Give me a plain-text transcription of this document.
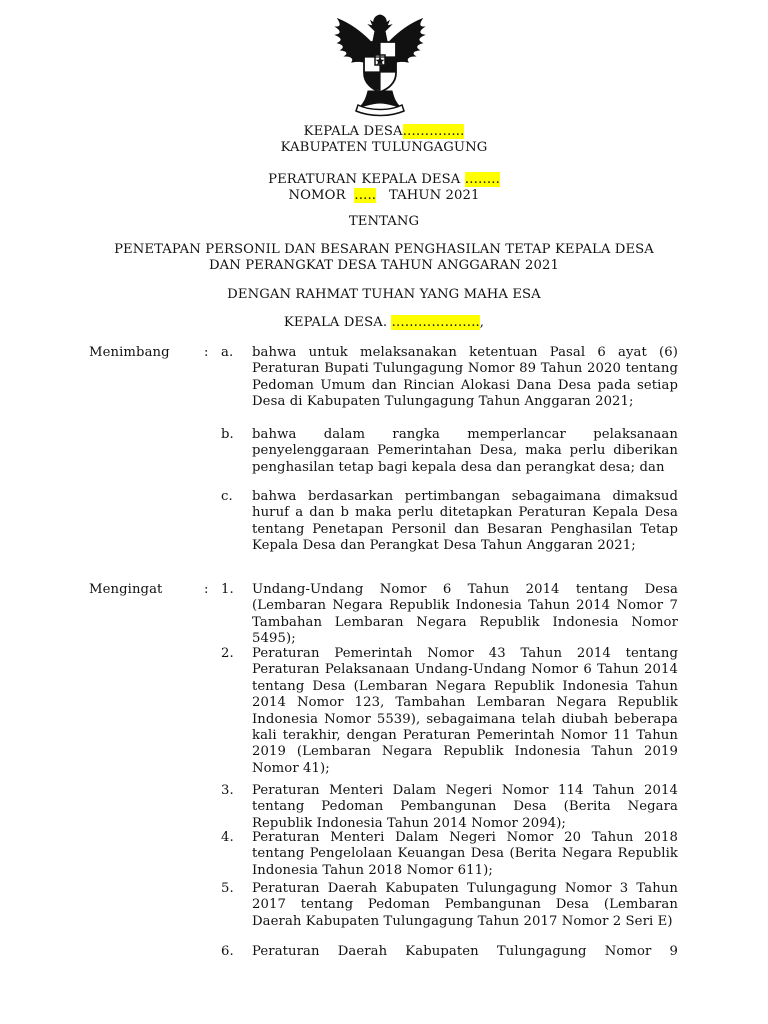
KEPALA DESA…………..
KABUPATEN TULUNGAGUNG
PERATURAN KEPALA DESA ……..
NOMOR ….. TAHUN 2021
TENTANG
PENETAPAN PERSONIL DAN BESARAN PENGHASILAN TETAP KEPALA DESA
DAN PERANGKAT DESA TAHUN ANGGARAN 2021
DENGAN RAHMAT TUHAN YANG MAHA ESA
KEPALA DESA. ………………..,
Menimbang	: a.	bahwa untuk melaksanakan ketentuan Pasal 6 ayat (6) Peraturan Bupati Tulungagung Nomor 89 Tahun 2020 tentang Pedoman Umum dan Rincian Alokasi Dana Desa pada setiap Desa di Kabupaten Tulungagung Tahun Anggaran 2021;
b.	bahwa dalam rangka memperlancar pelaksanaan penyelenggaraan Pemerintahan Desa, maka perlu diberikan penghasilan tetap bagi kepala desa dan perangkat desa; dan
c.	bahwa berdasarkan pertimbangan sebagaimana dimaksud huruf a dan b maka perlu ditetapkan Peraturan Kepala Desa tentang Penetapan Personil dan Besaran Penghasilan Tetap Kepala Desa dan Perangkat Desa Tahun Anggaran 2021;
Mengingat	: 1.	Undang-Undang Nomor 6 Tahun 2014 tentang Desa (Lembaran Negara Republik Indonesia Tahun 2014 Nomor 7 Tambahan Lembaran Negara Republik Indonesia Nomor 5495);
2.	Peraturan Pemerintah Nomor 43 Tahun 2014 tentang Peraturan Pelaksanaan Undang-Undang Nomor 6 Tahun 2014 tentang Desa (Lembaran Negara Republik Indonesia Tahun 2014 Nomor 123, Tambahan Lembaran Negara Republik Indonesia Nomor 5539), sebagaimana telah diubah beberapa kali terakhir, dengan Peraturan Pemerintah Nomor 11 Tahun 2019 (Lembaran Negara Republik Indonesia Tahun 2019 Nomor 41);
3.	Peraturan Menteri Dalam Negeri Nomor 114 Tahun 2014 tentang Pedoman Pembangunan Desa (Berita Negara Republik Indonesia Tahun 2014 Nomor 2094);
4.	Peraturan Menteri Dalam Negeri Nomor 20 Tahun 2018 tentang Pengelolaan Keuangan Desa (Berita Negara Republik Indonesia Tahun 2018 Nomor 611);
5.	Peraturan Daerah Kabupaten Tulungagung Nomor 3 Tahun 2017 tentang Pedoman Pembangunan Desa (Lembaran Daerah Kabupaten Tulungagung Tahun 2017 Nomor 2 Seri E)
6.	Peraturan Daerah Kabupaten Tulungagung Nomor 9
